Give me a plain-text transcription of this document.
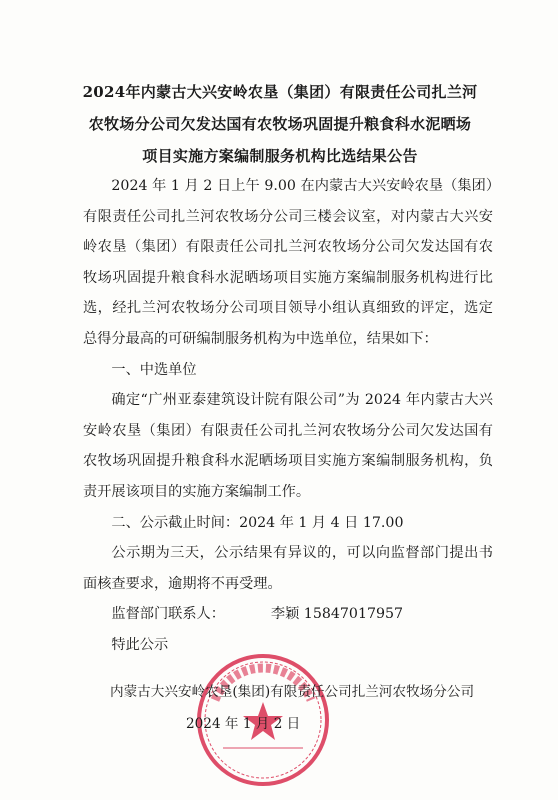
2024年内蒙古大兴安岭农垦（集团）有限责任公司扎兰河
农牧场分公司欠发达国有农牧场巩固提升粮食科水泥晒场
项目实施方案编制服务机构比选结果公告

2024 年 1 月 2 日上午 9.00 在内蒙古大兴安岭农垦（集团）有限责任公司扎兰河农牧场分公司三楼会议室，对内蒙古大兴安岭农垦（集团）有限责任公司扎兰河农牧场分公司欠发达国有农牧场巩固提升粮食科水泥晒场项目实施方案编制服务机构进行比选，经扎兰河农牧场分公司项目领导小组认真细致的评定，选定总得分最高的可研编制服务机构为中选单位，结果如下：

一、中选单位

确定“广州亚泰建筑设计院有限公司”为 2024 年内蒙古大兴安岭农垦（集团）有限责任公司扎兰河农牧场分公司欠发达国有农牧场巩固提升粮食科水泥晒场项目实施方案编制服务机构，负责开展该项目的实施方案编制工作。

二、公示截止时间：2024 年 1 月 4 日 17.00

公示期为三天，公示结果有异议的，可以向监督部门提出书面核查要求，逾期将不再受理。

监督部门联系人：	李颖 15847017957

特此公示

内蒙古大兴安岭农垦(集团)有限责任公司扎兰河农牧场分公司
2024 年 1 月 2 日
